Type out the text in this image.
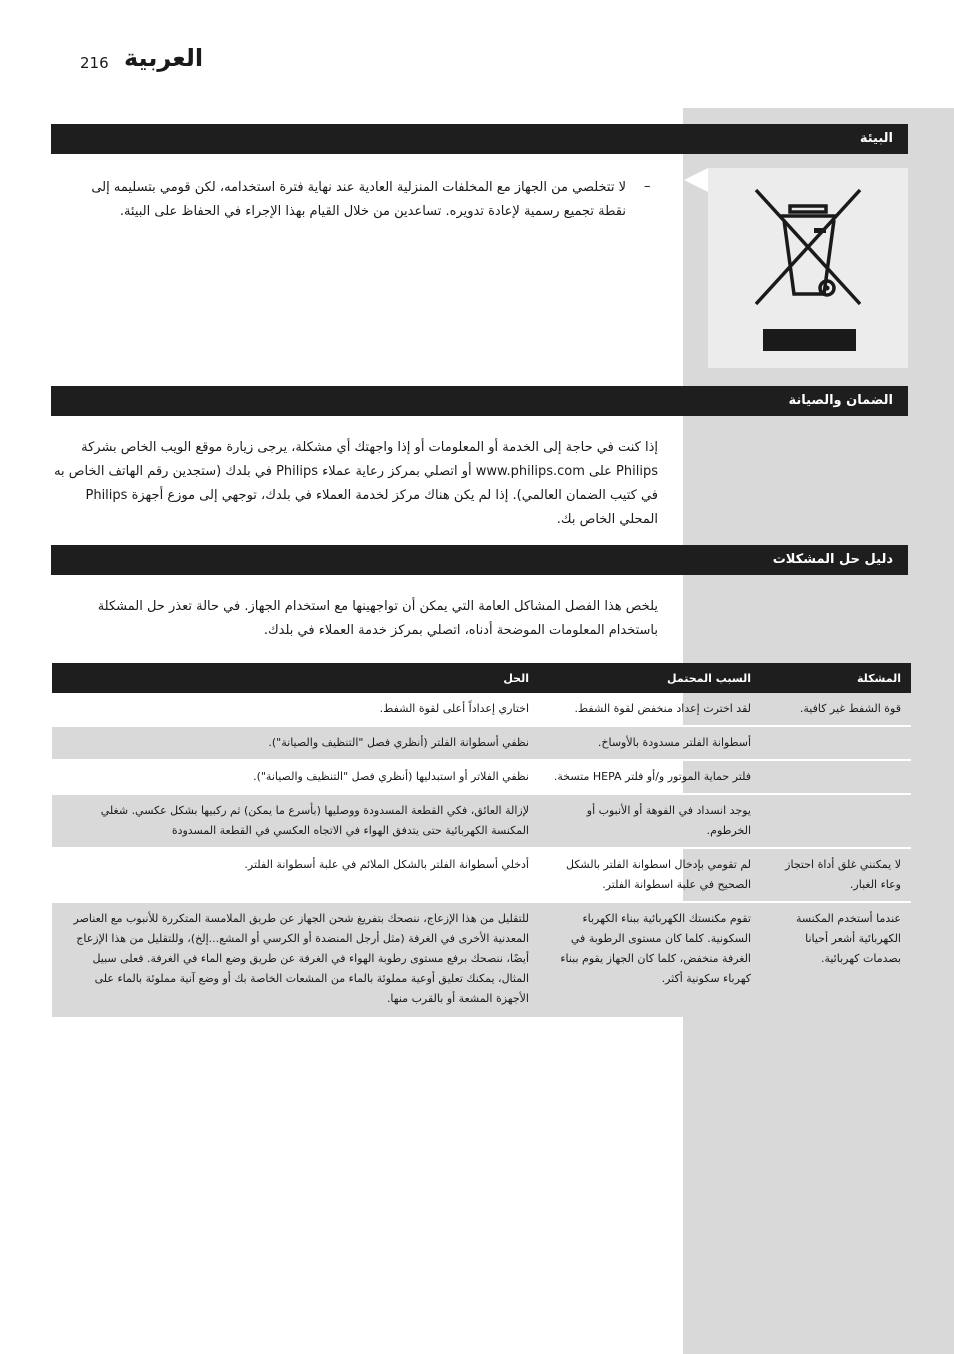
216 العربية
البيئة
–
لا تتخلصي من الجهاز مع المخلفات المنزلية العادية عند نهاية فترة استخدامه، لكن قومي بتسليمه إلى نقطة تجميع رسمية لإعادة تدويره. تساعدين من خلال القيام بهذا الإجراء في الحفاظ على البيئة.
الضمان والصيانة
إذا كنت في حاجة إلى الخدمة أو المعلومات أو إذا واجهتك أي مشكلة، يرجى زيارة موقع الويب الخاص بشركة Philips على www.philips.com أو اتصلي بمركز رعاية عملاء Philips في بلدك (ستجدين رقم الهاتف الخاص به في كتيب الضمان العالمي). إذا لم يكن هناك مركز لخدمة العملاء في بلدك، توجهي إلى موزع أجهزة Philips المحلي الخاص بك.
دليل حل المشكلات
يلخص هذا الفصل المشاكل العامة التي يمكن أن تواجهينها مع استخدام الجهاز. في حالة تعذر حل المشكلة باستخدام المعلومات الموضحة أدناه، اتصلي بمركز خدمة العملاء في بلدك.
المشكلة	السبب المحتمل	الحل
قوة الشفط غير كافية.	لقد اخترت إعداد منخفض لقوة الشفط.	اختاري إعداداً أعلى لقوة الشفط.
	أسطوانة الفلتر مسدودة بالأوساخ.	نظفي أسطوانة الفلتر (أنظري فصل "التنظيف والصيانة").
	فلتر حماية الموتور و/أو فلتر HEPA متسخة.	نظفي الفلاتر أو استبدليها (أنظري فصل "التنظيف والصيانة").
	يوجد انسداد في الفوهة أو الأنبوب أو الخرطوم.	لإزالة العائق، فكي القطعة المسدودة ووصليها (بأسرع ما يمكن) ثم ركبيها بشكل عكسي. شغلي المكنسة الكهربائية حتى يتدفق الهواء في الاتجاه العكسي في القطعة المسدودة
لا يمكنني غلق أداة احتجاز وعاء الغبار.	لم تقومي بإدخال اسطوانة الفلتر بالشكل الصحيح في علبة اسطوانة الفلتر.	أدخلي أسطوانة الفلتر بالشكل الملائم في علبة أسطوانة الفلتر.
عندما أستخدم المكنسة الكهربائية أشعر أحيانا بصدمات كهربائية.	تقوم مكنستك الكهربائية ببناء الكهرباء السكونية. كلما كان مستوى الرطوبة في الغرفة منخفض، كلما كان الجهاز يقوم ببناء كهرباء سكونية أكثر.	للتقليل من هذا الإزعاج، ننصحك بتفريغ شحن الجهاز عن طريق الملامسة المتكررة للأنبوب مع العناصر المعدنية الأخرى في الغرفة (مثل أرجل المنضدة أو الكرسي أو المشع...إلخ)، وللتقليل من هذا الإزعاج أيضًا، ننصحك برفع مستوى رطوبة الهواء في الغرفة عن طريق وضع الماء في الغرفة. فعلى سبيل المثال، يمكنك تعليق أوعية مملوئة بالماء من المشعات الخاصة بك أو وضع آنية مملوئة بالماء على الأجهزة المشعة أو بالقرب منها.
